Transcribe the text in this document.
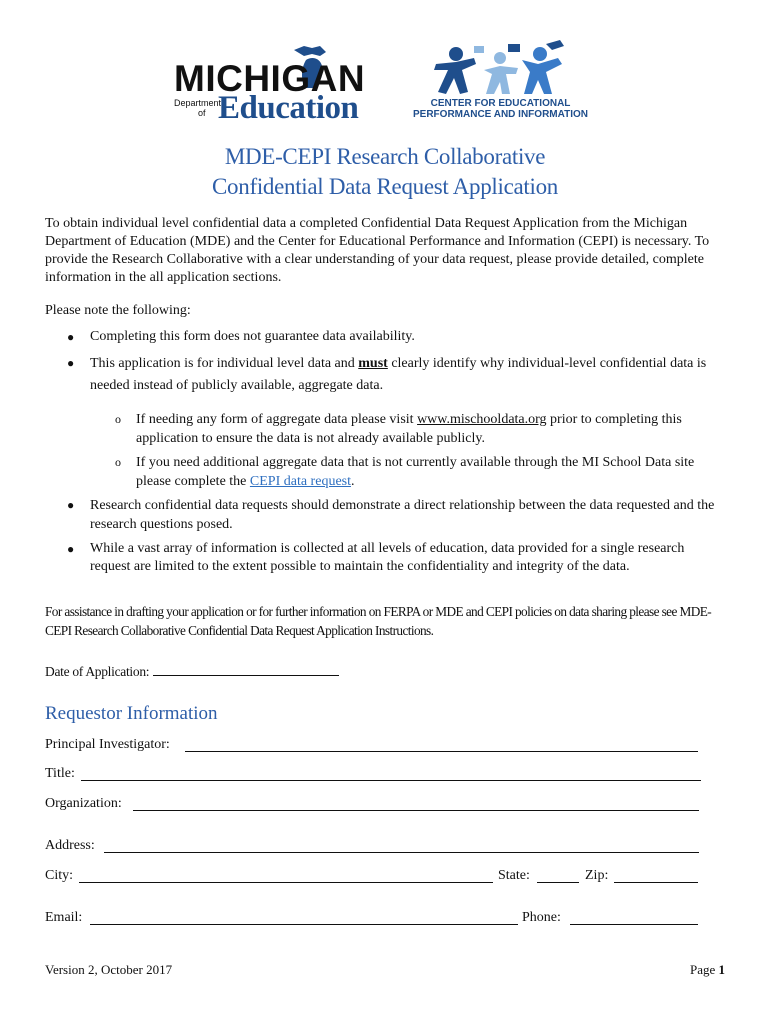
MICHIGAN
Department
of Education	CENTER FOR EDUCATIONAL
PERFORMANCE AND INFORMATION
MDE-CEPI Research Collaborative
Confidential Data Request Application
To obtain individual level confidential data a completed Confidential Data Request Application from the Michigan Department of Education (MDE) and the Center for Educational Performance and Information (CEPI) is necessary. To provide the Research Collaborative with a clear understanding of your data request, please provide detailed, complete information in the all application sections.
Please note the following:
● Completing this form does not guarantee data availability.
● This application is for individual level data and must clearly identify why individual-level confidential data is needed instead of publicly available, aggregate data.
o If needing any form of aggregate data please visit www.mischooldata.org prior to completing this application to ensure the data is not already available publicly.
o If you need additional aggregate data that is not currently available through the MI School Data site please complete the CEPI data request.
● Research confidential data requests should demonstrate a direct relationship between the data requested and the research questions posed.
● While a vast array of information is collected at all levels of education, data provided for a single research request are limited to the extent possible to maintain the confidentiality and integrity of the data.
For assistance in drafting your application or for further information on FERPA or MDE and CEPI policies on data sharing please see MDE-CEPI Research Collaborative Confidential Data Request Application Instructions.
Date of Application:
Requestor Information
Principal Investigator:
Title:
Organization:
Address:
City:	State:	Zip:
Email:	Phone:
Version 2, October 2017	Page 1
